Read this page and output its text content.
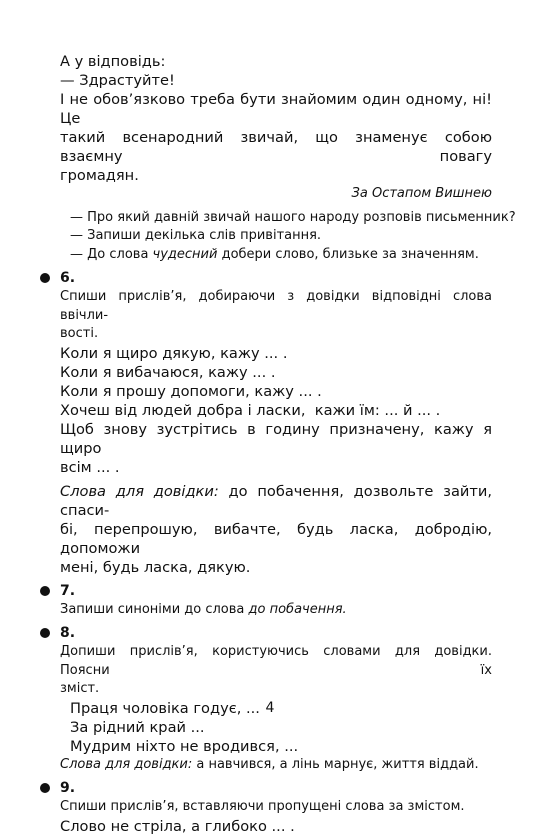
А у відповідь:

— Здрастуйте!

І не обов’язково треба бути знайомим один одному, ні! Це

такий всенародний звичай, що знаменує собою взаємну повагу

громадян.

За Остапом Вишнею

— Про який давній звичай нашого народу розповів письменник?

— Запиши декілька слів привітання.

— До слова чудесний добери слово, близьке за значенням.

6.

Спиши прислів’я, добираючи з довідки відповідні слова ввічли-

вості.

Коли я щиро дякую, кажу ... .

Коли я вибачаюся, кажу ... .

Коли я прошу допомоги, кажу ... .

Хочеш від людей добра і ласки,  кажи їм: ... й ... .

Щоб знову зустрітись в годину призначену, кажу я щиро

всім ... .

Слова для довідки: до побачення, дозвольте зайти, спаси-

бі, перепрошую, вибачте, будь ласка, добродію, допоможи

мені, будь ласка, дякую.

7.

Запиши синоніми до слова до побачення.

8.

Допиши прислів’я, користуючись словами для довідки. Поясни їх

зміст.

Праця чоловіка годує, ...

За рідний край ...

Мудрим ніхто не вродився, ...

Слова для довідки: а навчився, а лінь марнує, життя віддай.

9.

Спиши прислів’я, вставляючи пропущені слова за змістом.

Слово не стріла, а глибоко ... .

4
